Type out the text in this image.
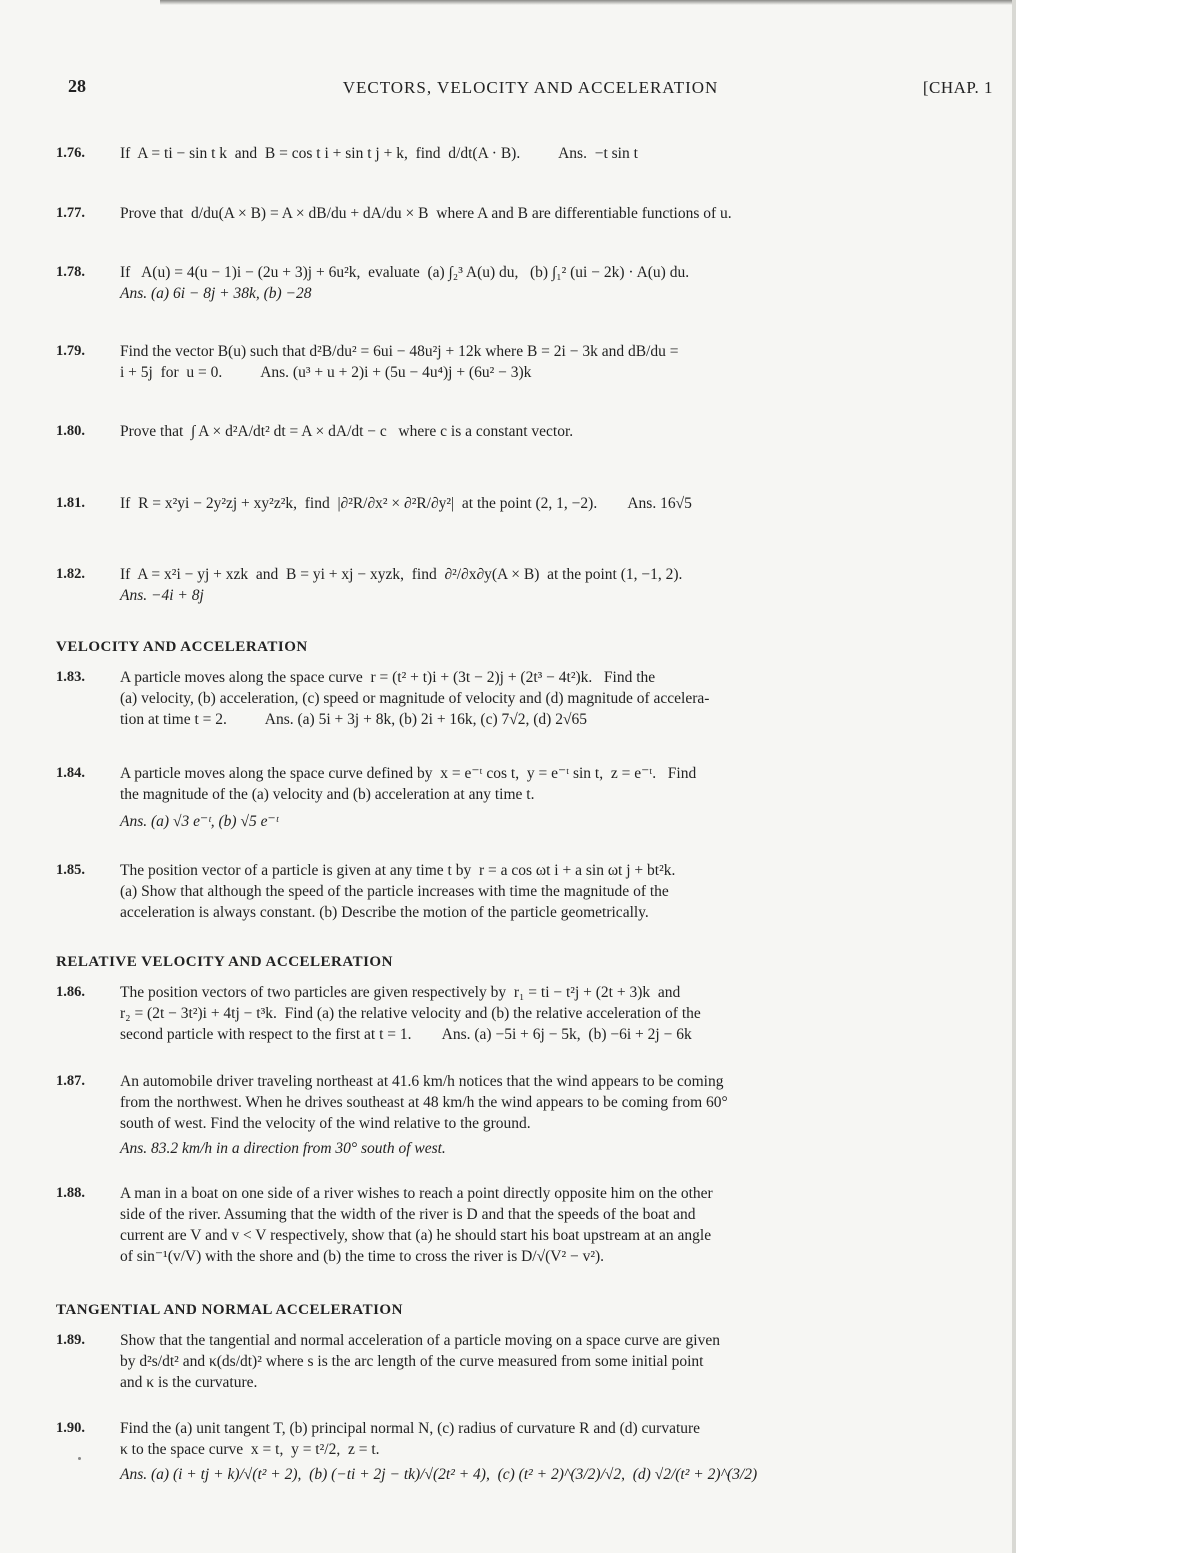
28	VECTORS, VELOCITY AND ACCELERATION	[CHAP. 1
1.76.	If  A = ti − sin t k  and  B = cos t i + sin t j + k,  find  d/dt(A · B).          Ans.  −t sin t
1.77.	Prove that  d/du(A × B) = A × dB/du + dA/du × B  where A and B are differentiable functions of u.
1.78.	If   A(u) = 4(u − 1)i − (2u + 3)j + 6u²k,  evaluate  (a) ∫₂³ A(u) du,   (b) ∫₁² (ui − 2k) · A(u) du.
Ans. (a) 6i − 8j + 38k, (b) −28
1.79.	Find the vector B(u) such that d²B/du² = 6ui − 48u²j + 12k where B = 2i − 3k and dB/du =
i + 5j  for  u = 0.          Ans. (u³ + u + 2)i + (5u − 4u⁴)j + (6u² − 3)k
1.80.	Prove that  ∫ A × d²A/dt² dt = A × dA/dt − c   where c is a constant vector.
1.81.	If  R = x²yi − 2y²zj + xy²z²k,  find  |∂²R/∂x² × ∂²R/∂y²|  at the point (2, 1, −2).        Ans. 16√5
1.82.	If  A = x²i − yj + xzk  and  B = yi + xj − xyzk,  find  ∂²/∂x∂y(A × B)  at the point (1, −1, 2).
Ans. −4i + 8j
VELOCITY AND ACCELERATION
1.83.	A particle moves along the space curve  r = (t² + t)i + (3t − 2)j + (2t³ − 4t²)k.   Find the
(a) velocity, (b) acceleration, (c) speed or magnitude of velocity and (d) magnitude of accelera-
tion at time t = 2.          Ans. (a) 5i + 3j + 8k, (b) 2i + 16k, (c) 7√2, (d) 2√65
1.84.	A particle moves along the space curve defined by  x = e⁻ᵗ cos t,  y = e⁻ᵗ sin t,  z = e⁻ᵗ.   Find
the magnitude of the (a) velocity and (b) acceleration at any time t.
Ans. (a) √3 e⁻ᵗ, (b) √5 e⁻ᵗ
1.85.	The position vector of a particle is given at any time t by  r = a cos ωt i + a sin ωt j + bt²k.
(a) Show that although the speed of the particle increases with time the magnitude of the
acceleration is always constant. (b) Describe the motion of the particle geometrically.
RELATIVE VELOCITY AND ACCELERATION
1.86.	The position vectors of two particles are given respectively by  r₁ = ti − t²j + (2t + 3)k  and
r₂ = (2t − 3t²)i + 4tj − t³k.  Find (a) the relative velocity and (b) the relative acceleration of the
second particle with respect to the first at t = 1.        Ans. (a) −5i + 6j − 5k,  (b) −6i + 2j − 6k
1.87.	An automobile driver traveling northeast at 41.6 km/h notices that the wind appears to be coming
from the northwest. When he drives southeast at 48 km/h the wind appears to be coming from 60°
south of west. Find the velocity of the wind relative to the ground.
Ans. 83.2 km/h in a direction from 30° south of west.
1.88.	A man in a boat on one side of a river wishes to reach a point directly opposite him on the other
side of the river. Assuming that the width of the river is D and that the speeds of the boat and
current are V and v < V respectively, show that (a) he should start his boat upstream at an angle
of sin⁻¹(v/V) with the shore and (b) the time to cross the river is D/√(V² − v²).
TANGENTIAL AND NORMAL ACCELERATION
1.89.	Show that the tangential and normal acceleration of a particle moving on a space curve are given
by d²s/dt² and κ(ds/dt)² where s is the arc length of the curve measured from some initial point
and κ is the curvature.
1.90.	Find the (a) unit tangent T, (b) principal normal N, (c) radius of curvature R and (d) curvature
κ to the space curve  x = t,  y = t²/2,  z = t.
Ans. (a) (i + tj + k)/√(t² + 2),  (b) (−ti + 2j − tk)/√(2t² + 4),  (c) (t² + 2)^(3/2)/√2,  (d) √2/(t² + 2)^(3/2)
